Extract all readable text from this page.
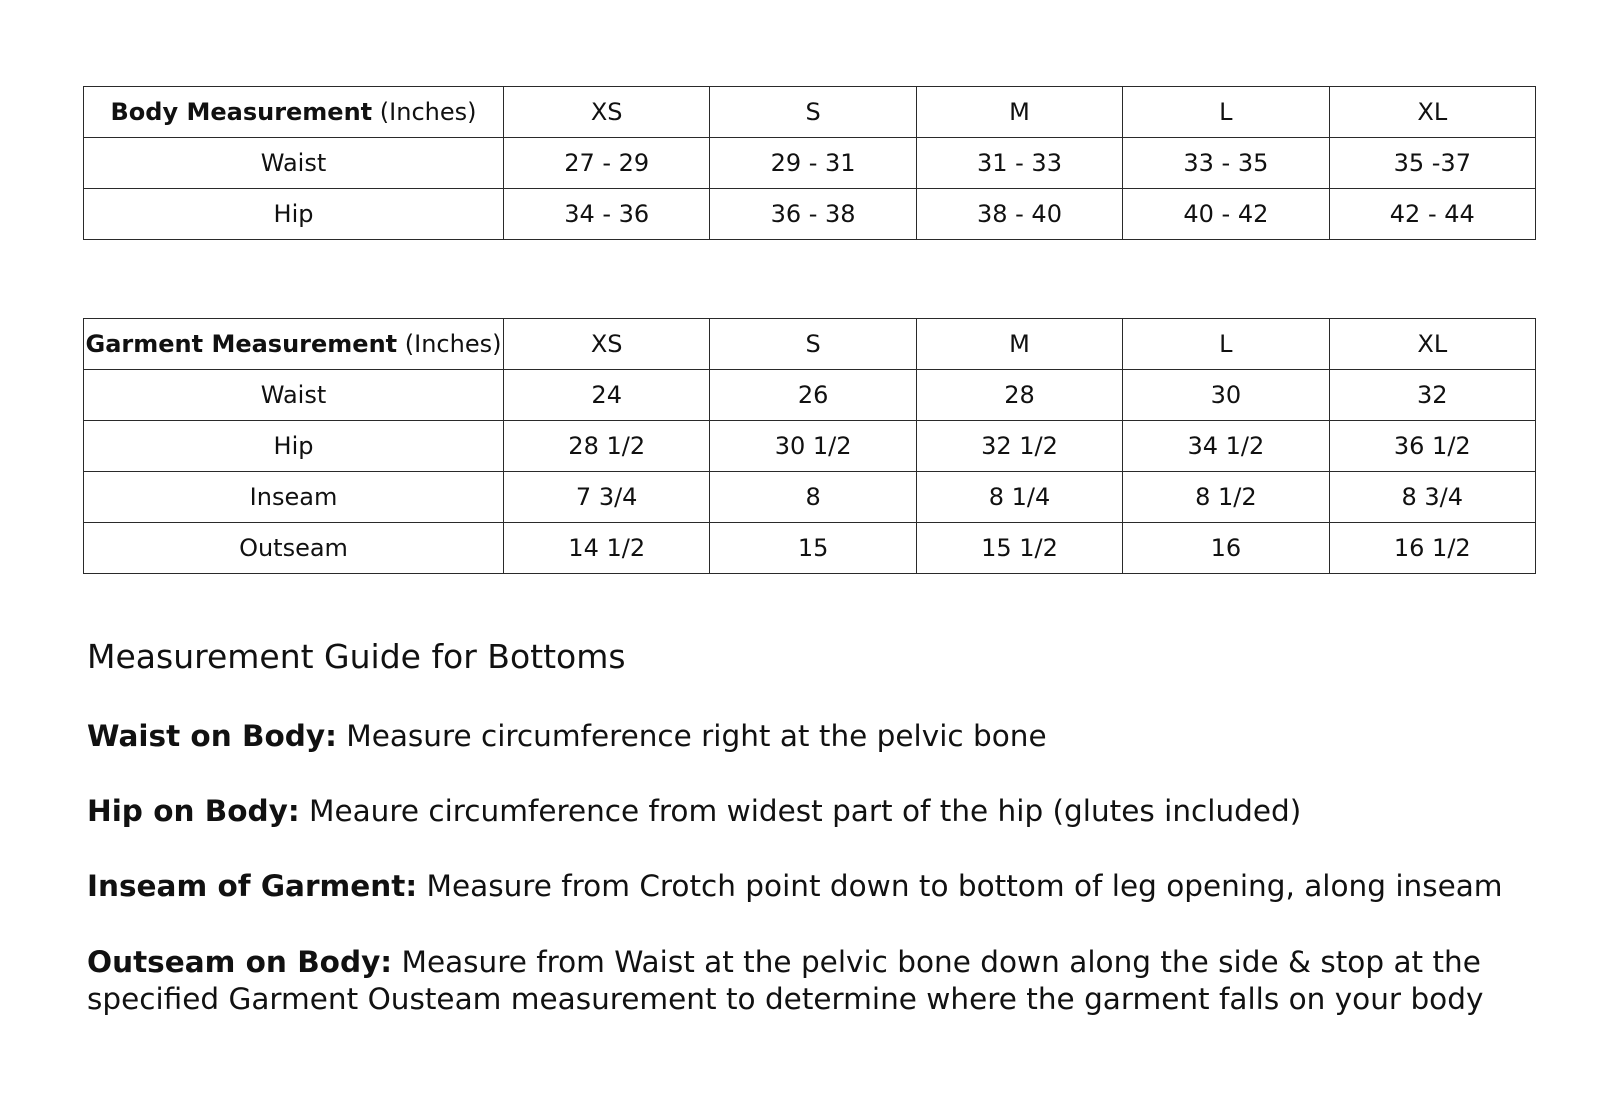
Body Measurement (Inches)	XS	S	M	L	XL
Waist	27 - 29	29 - 31	31 - 33	33 - 35	35 -37
Hip	34 - 36	36 - 38	38 - 40	40 - 42	42 - 44
Garment Measurement (Inches)	XS	S	M	L	XL
Waist	24	26	28	30	32
Hip	28 1/2	30 1/2	32 1/2	34 1/2	36 1/2
Inseam	7 3/4	8	8 1/4	8 1/2	8 3/4
Outseam	14 1/2	15	15 1/2	16	16 1/2
Measurement Guide for Bottoms

Waist on Body: Measure circumference right at the pelvic bone

Hip on Body: Meaure circumference from widest part of the hip (glutes included)

Inseam of Garment: Measure from Crotch point down to bottom of leg opening, along inseam

Outseam on Body: Measure from Waist at the pelvic bone down along the side & stop at the specified Garment Ousteam measurement to determine where the garment falls on your body
